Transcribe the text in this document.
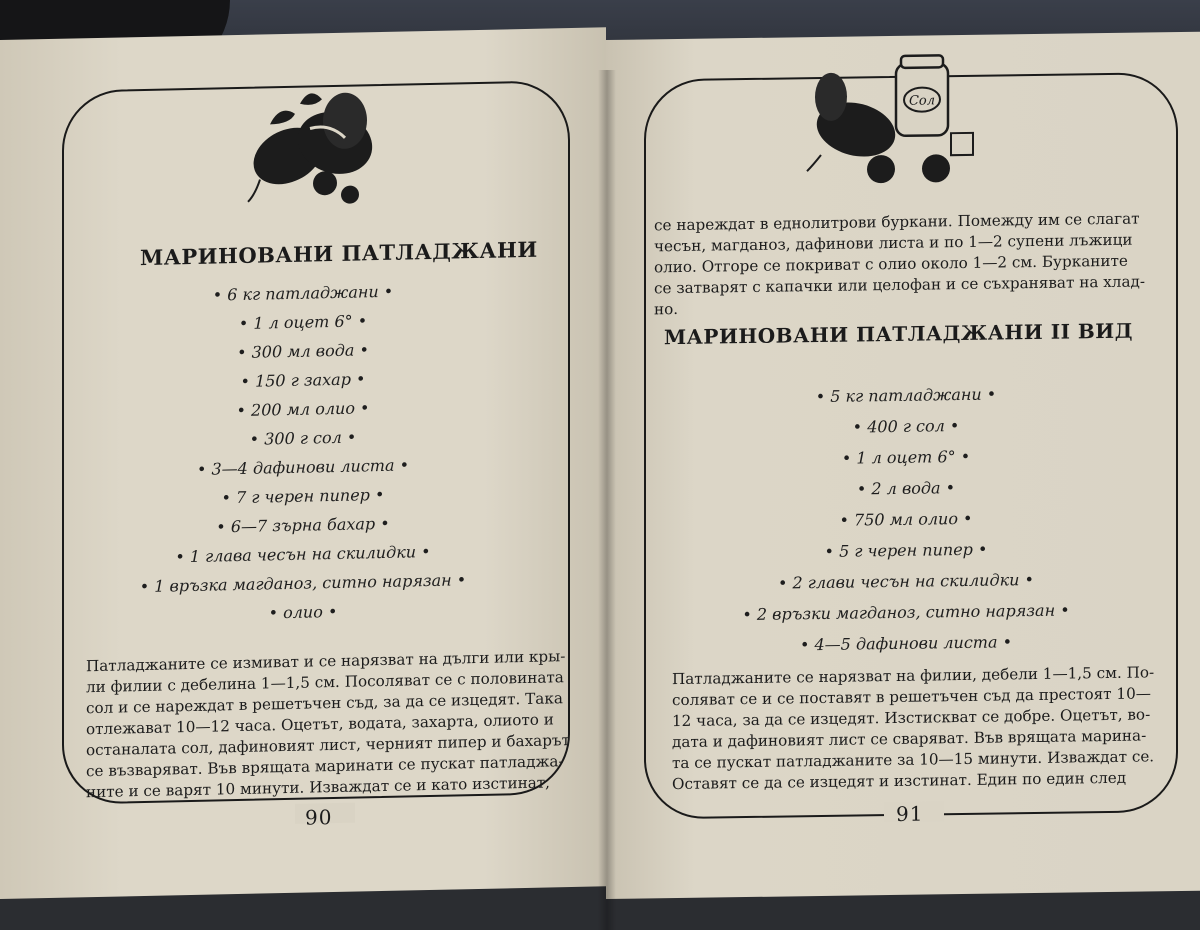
МАРИНОВАНИ ПАТЛАДЖАНИ
• 6 кг патладжани •
• 1 л оцет 6° •
• 300 мл вода •
• 150 г захар •
• 200 мл олио •
• 300 г сол •
• 3—4 дафинови листа •
• 7 г черен пипер •
• 6—7 зърна бахар •
• 1 глава чесън на скилидки •
• 1 връзка магданоз, ситно нарязан •
• олио •
Патладжаните се измиват и се нарязват на дълги или кры-
ли филии с дебелина 1—1,5 см. Посоляват се с половината
сол и се нареждат в решетъчен съд, за да се изцедят. Така
отлежават 10—12 часа. Оцетът, водата, захарта, олиото и
останалата сол, дафиновият лист, черният пипер и бахарът
се възваряват. Във врящата маринати се пускат патладжа-
ните и се варят 10 минути. Изваждат се и като изстинат,
90
Сол
се нареждат в еднолитрови буркани. Помежду им се слагат
чесън, магданоз, дафинови листа и по 1—2 супени лъжици
олио. Отгоре се покриват с олио около 1—2 см. Бурканите
се затварят с капачки или целофан и се съхраняват на хлад-
но.
МАРИНОВАНИ ПАТЛАДЖАНИ II ВИД
• 5 кг патладжани •
• 400 г сол •
• 1 л оцет 6° •
• 2 л вода •
• 750 мл олио •
• 5 г черен пипер •
• 2 глави чесън на скилидки •
• 2 връзки магданоз, ситно нарязан •
• 4—5 дафинови листа •
Патладжаните се нарязват на филии, дебели 1—1,5 см. По-
соляват се и се поставят в решетъчен съд да престоят 10—
12 часа, за да се изцедят. Изстискват се добре. Оцетът, во-
дата и дафиновият лист се сваряват. Във врящата марина-
та се пускат патладжаните за 10—15 минути. Изваждат се.
Оставят се да се изцедят и изстинат. Един по един след
91
